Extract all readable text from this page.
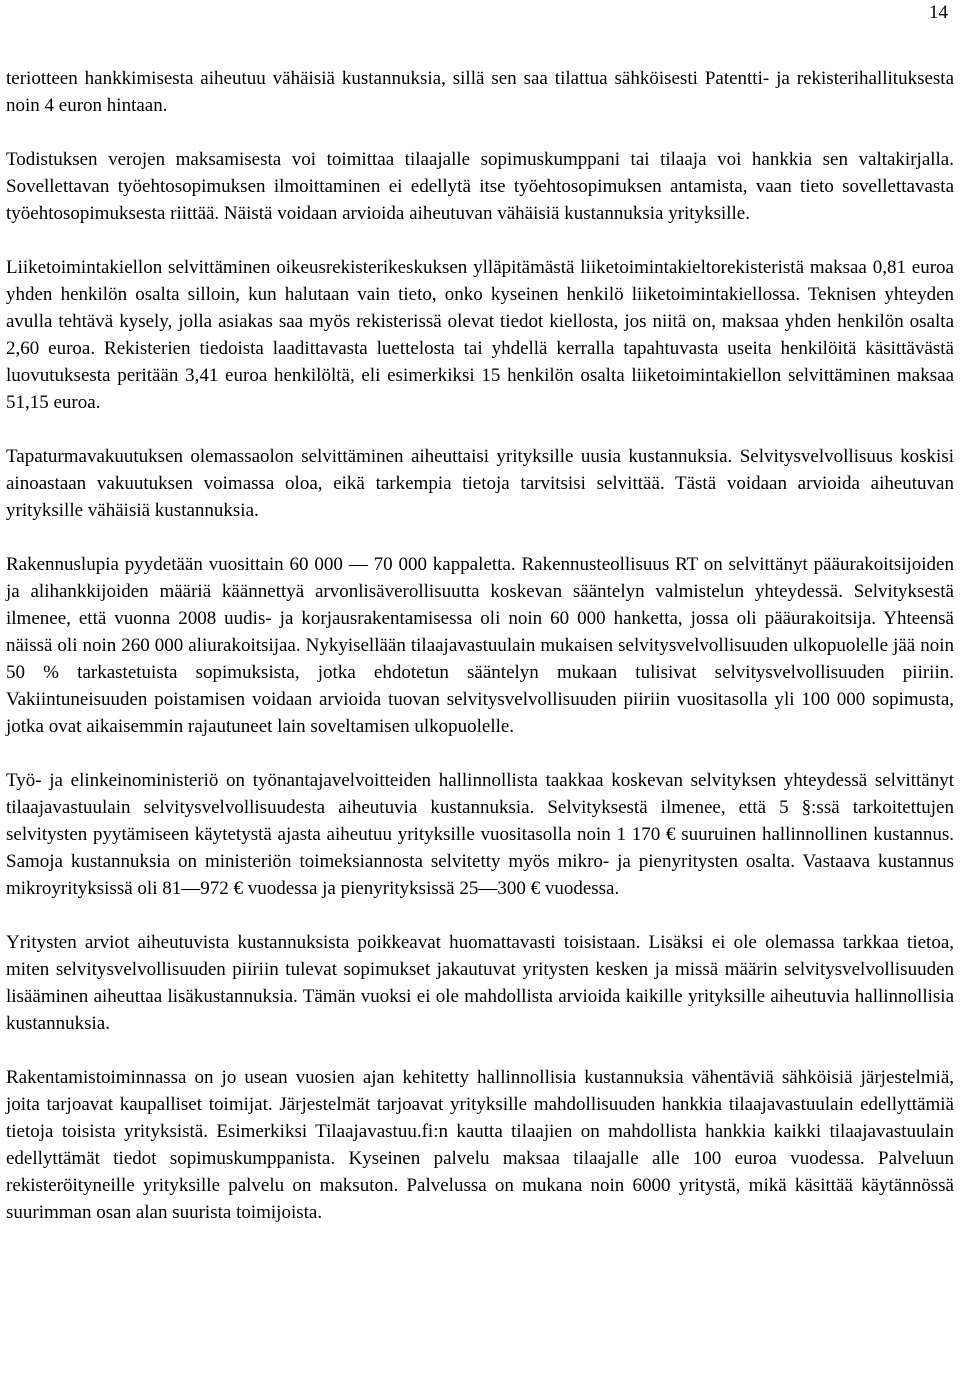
14

teriotteen hankkimisesta aiheutuu vähäisiä kustannuksia, sillä sen saa tilattua sähköisesti Patentti- ja rekisterihallituksesta noin 4 euron hintaan.

Todistuksen verojen maksamisesta voi toimittaa tilaajalle sopimuskumppani tai tilaaja voi hankkia sen valtakirjalla. Sovellettavan työehtosopimuksen ilmoittaminen ei edellytä itse työehtosopimuksen antamista, vaan tieto sovellettavasta työehtosopimuksesta riittää. Näistä voidaan arvioida aiheutuvan vähäisiä kustannuksia yrityksille.

Liiketoimintakiellon selvittäminen oikeusrekisterikeskuksen ylläpitämästä liiketoimintakieltorekisteristä maksaa 0,81 euroa yhden henkilön osalta silloin, kun halutaan vain tieto, onko kyseinen henkilö liiketoimintakiellossa. Teknisen yhteyden avulla tehtävä kysely, jolla asiakas saa myös rekisterissä olevat tiedot kiellosta, jos niitä on, maksaa yhden henkilön osalta 2,60 euroa. Rekisterien tiedoista laadittavasta luettelosta tai yhdellä kerralla tapahtuvasta useita henkilöitä käsittävästä luovutuksesta peritään 3,41 euroa henkilöltä, eli esimerkiksi 15 henkilön osalta liiketoimintakiellon selvittäminen maksaa 51,15 euroa.

Tapaturmavakuutuksen olemassaolon selvittäminen aiheuttaisi yrityksille uusia kustannuksia. Selvitysvelvollisuus koskisi ainoastaan vakuutuksen voimassa oloa, eikä tarkempia tietoja tarvitsisi selvittää. Tästä voidaan arvioida aiheutuvan yrityksille vähäisiä kustannuksia.

Rakennuslupia pyydetään vuosittain 60 000 — 70 000 kappaletta. Rakennusteollisuus RT on selvittänyt pääurakoitsijoiden ja alihankkijoiden määriä käännettyä arvonlisäverollisuutta koskevan sääntelyn valmistelun yhteydessä. Selvityksestä ilmenee, että vuonna 2008 uudis- ja korjausrakentamisessa oli noin 60 000 hanketta, jossa oli pääurakoitsija. Yhteensä näissä oli noin 260 000 aliurakoitsijaa. Nykyisellään tilaajavastuulain mukaisen selvitysvelvollisuuden ulkopuolelle jää noin 50 % tarkastetuista sopimuksista, jotka ehdotetun sääntelyn mukaan tulisivat selvitysvelvollisuuden piiriin. Vakiintuneisuuden poistamisen voidaan arvioida tuovan selvitysvelvollisuuden piiriin vuositasolla yli 100 000 sopimusta, jotka ovat aikaisemmin rajautuneet lain soveltamisen ulkopuolelle.

Työ- ja elinkeinoministeriö on työnantajavelvoitteiden hallinnollista taakkaa koskevan selvityksen yhteydessä selvittänyt tilaajavastuulain selvitysvelvollisuudesta aiheutuvia kustannuksia. Selvityksestä ilmenee, että 5 §:ssä tarkoitettujen selvitysten pyytämiseen käytetystä ajasta aiheutuu yrityksille vuositasolla noin 1 170 € suuruinen hallinnollinen kustannus. Samoja kustannuksia on ministeriön toimeksiannosta selvitetty myös mikro- ja pienyritysten osalta. Vastaava kustannus mikroyrityksissä oli 81—972 € vuodessa ja pienyrityksissä 25—300 € vuodessa.

Yritysten arviot aiheutuvista kustannuksista poikkeavat huomattavasti toisistaan. Lisäksi ei ole olemassa tarkkaa tietoa, miten selvitysvelvollisuuden piiriin tulevat sopimukset jakautuvat yritysten kesken ja missä määrin selvitysvelvollisuuden lisääminen aiheuttaa lisäkustannuksia. Tämän vuoksi ei ole mahdollista arvioida kaikille yrityksille aiheutuvia hallinnollisia kustannuksia.

Rakentamistoiminnassa on jo usean vuosien ajan kehitetty hallinnollisia kustannuksia vähentäviä sähköisiä järjestelmiä, joita tarjoavat kaupalliset toimijat. Järjestelmät tarjoavat yrityksille mahdollisuuden hankkia tilaajavastuulain edellyttämiä tietoja toisista yrityksistä. Esimerkiksi Tilaajavastuu.fi:n kautta tilaajien on mahdollista hankkia kaikki tilaajavastuulain edellyttämät tiedot sopimuskumppanista. Kyseinen palvelu maksaa tilaajalle alle 100 euroa vuodessa. Palveluun rekisteröityneille yrityksille palvelu on maksuton. Palvelussa on mukana noin 6000 yritystä, mikä käsittää käytännössä suurimman osan alan suurista toimijoista.
